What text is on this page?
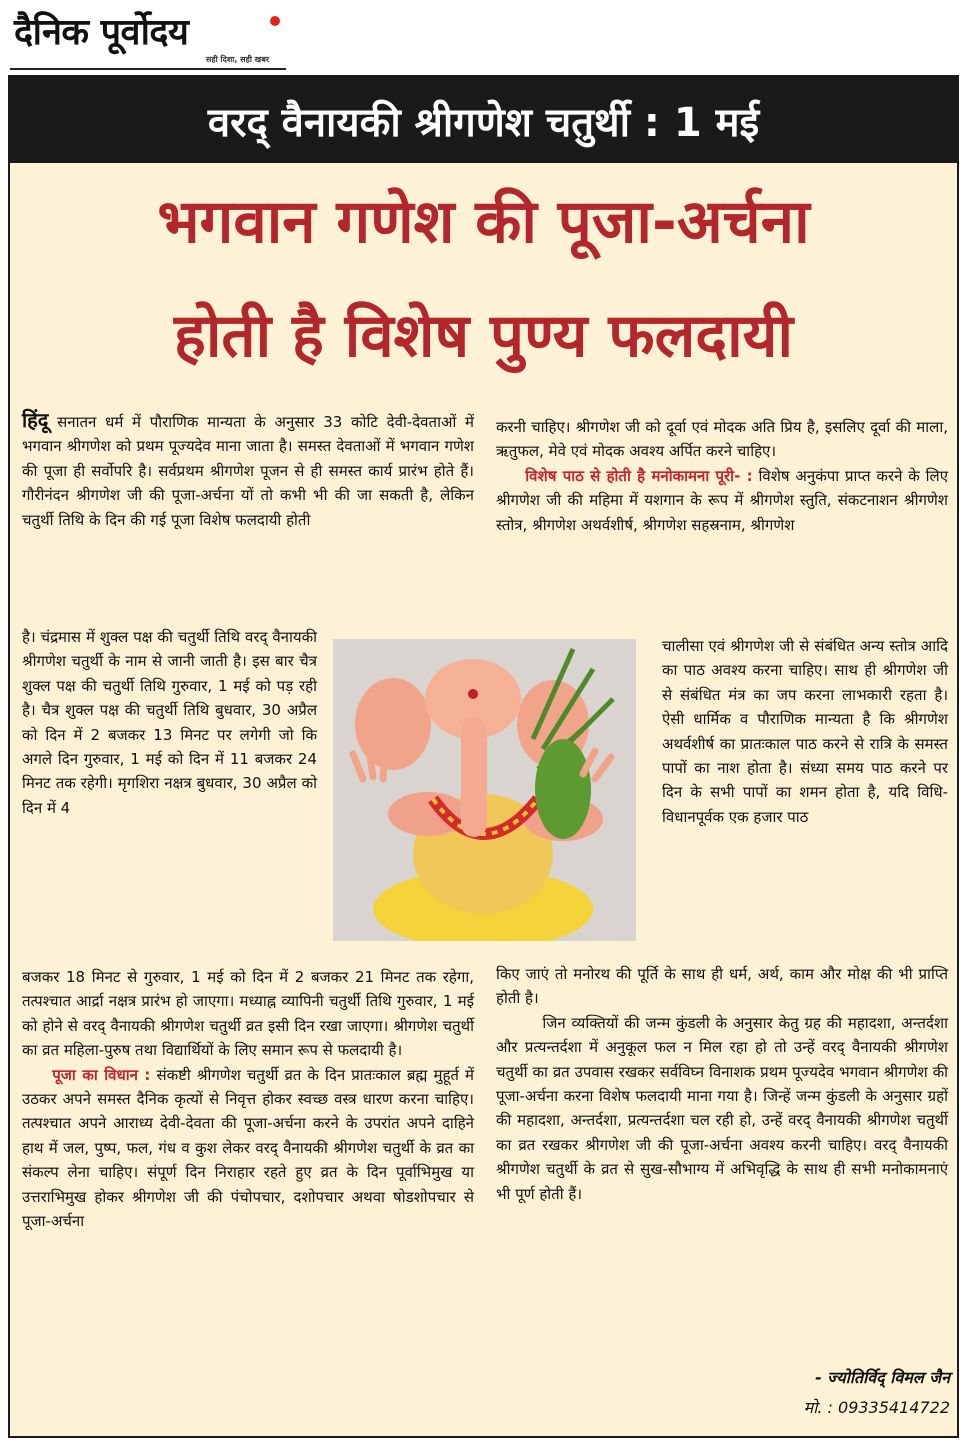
दैनिक पूर्वोदय
सही दिशा, सही खबर
वरद् वैनायकी श्रीगणेश चतुर्थी : 1 मई
भगवान गणेश की पूजा-अर्चना
होती है विशेष पुण्य फलदायी

हिंदू सनातन धर्म में पौराणिक मान्यता के अनुसार 33 कोटि देवी-देवताओं में भगवान श्रीगणेश को प्रथम पूज्यदेव माना जाता है। समस्त देवताओं में भगवान गणेश की पूजा ही सर्वोपरि है। सर्वप्रथम श्रीगणेश पूजन से ही समस्त कार्य प्रारंभ होते हैं। गौरीनंदन श्रीगणेश जी की पूजा-अर्चना यों तो कभी भी की जा सकती है, लेकिन चतुर्थी तिथि के दिन की गई पूजा विशेष फलदायी होती

है। चंद्रमास में शुक्ल पक्ष की चतुर्थी तिथि वरद् वैनायकी श्रीगणेश चतुर्थी के नाम से जानी जाती है। इस बार चैत्र शुक्ल पक्ष की चतुर्थी तिथि गुरुवार, 1 मई को पड़ रही है। चैत्र शुक्ल पक्ष की चतुर्थी तिथि बुधवार, 30 अप्रैल को दिन में 2 बजकर 13 मिनट पर लगेगी जो कि अगले दिन गुरुवार, 1 मई को दिन में 11 बजकर 24 मिनट तक रहेगी। मृगशिरा नक्षत्र बुधवार, 30 अप्रैल को दिन में 4

बजकर 18 मिनट से गुरुवार, 1 मई को दिन में 2 बजकर 21 मिनट तक रहेगा, तत्पश्चात आर्द्रा नक्षत्र प्रारंभ हो जाएगा। मध्याह्न व्यापिनी चतुर्थी तिथि गुरुवार, 1 मई को होने से वरद् वैनायकी श्रीगणेश चतुर्थी व्रत इसी दिन रखा जाएगा। श्रीगणेश चतुर्थी का व्रत महिला-पुरुष तथा विद्यार्थियों के लिए समान रूप से फलदायी है।

पूजा का विधान : संकष्टी श्रीगणेश चतुर्थी व्रत के दिन प्रातःकाल ब्रह्म मुहूर्त में उठकर अपने समस्त दैनिक कृत्यों से निवृत्त होकर स्वच्छ वस्त्र धारण करना चाहिए। तत्पश्चात अपने आराध्य देवी-देवता की पूजा-अर्चना करने के उपरांत अपने दाहिने हाथ में जल, पुष्प, फल, गंध व कुश लेकर वरद् वैनायकी श्रीगणेश चतुर्थी के व्रत का संकल्प लेना चाहिए। संपूर्ण दिन निराहार रहते हुए व्रत के दिन पूर्वाभिमुख या उत्तराभिमुख होकर श्रीगणेश जी की पंचोपचार, दशोपचार अथवा षोडशोपचार से पूजा-अर्चना

करनी चाहिए। श्रीगणेश जी को दूर्वा एवं मोदक अति प्रिय है, इसलिए दूर्वा की माला, ऋतुफल, मेवे एवं मोदक अवश्य अर्पित करने चाहिए।

विशेष पाठ से होती है मनोकामना पूरी- : विशेष अनुकंपा प्राप्त करने के लिए श्रीगणेश जी की महिमा में यशगान के रूप में श्रीगणेश स्तुति, संकटनाशन श्रीगणेश स्तोत्र, श्रीगणेश अथर्वशीर्ष, श्रीगणेश सहस्रनाम, श्रीगणेश

चालीसा एवं श्रीगणेश जी से संबंधित अन्य स्तोत्र आदि का पाठ अवश्य करना चाहिए। साथ ही श्रीगणेश जी से संबंधित मंत्र का जप करना लाभकारी रहता है। ऐसी धार्मिक व पौराणिक मान्यता है कि श्रीगणेश अथर्वशीर्ष का प्रातःकाल पाठ करने से रात्रि के समस्त पापों का नाश होता है। संध्या समय पाठ करने पर दिन के सभी पापों का शमन होता है, यदि विधि-विधानपूर्वक एक हजार पाठ

किए जाएं तो मनोरथ की पूर्ति के साथ ही धर्म, अर्थ, काम और मोक्ष की भी प्राप्ति होती है।

जिन व्यक्तियों की जन्म कुंडली के अनुसार केतु ग्रह की महादशा, अन्तर्दशा और प्रत्यन्तर्दशा में अनुकूल फल न मिल रहा हो तो उन्हें वरद् वैनायकी श्रीगणेश चतुर्थी का व्रत उपवास रखकर सर्वविघ्न विनाशक प्रथम पूज्यदेव भगवान श्रीगणेश की पूजा-अर्चना करना विशेष फलदायी माना गया है। जिन्हें जन्म कुंडली के अनुसार ग्रहों की महादशा, अन्तर्दशा, प्रत्यन्तर्दशा चल रही हो, उन्हें वरद् वैनायकी श्रीगणेश चतुर्थी का व्रत रखकर श्रीगणेश जी की पूजा-अर्चना अवश्य करनी चाहिए। वरद् वैनायकी श्रीगणेश चतुर्थी के व्रत से सुख-सौभाग्य में अभिवृद्धि के साथ ही सभी मनोकामनाएं भी पूर्ण होती हैं।

- ज्योतिर्विद् विमल जैन
मो. : 09335414722
